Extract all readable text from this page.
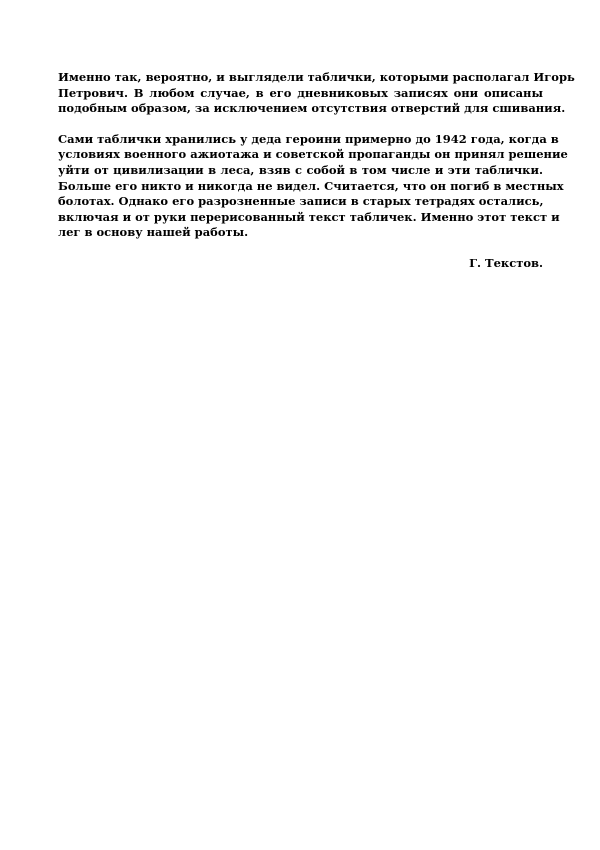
Именно так, вероятно, и выглядели таблички, которыми располагал Игорь
Петрович. В любом случае, в его дневниковых записях они описаны
подобным образом, за исключением отсутствия отверстий для сшивания.

Сами таблички хранились у деда героини примерно до 1942 года, когда в
условиях военного ажиотажа и советской пропаганды он принял решение
уйти от цивилизации в леса, взяв с собой в том числе и эти таблички.
Больше его никто и никогда не видел. Считается, что он погиб в местных
болотах. Однако его разрозненные записи в старых тетрадях остались,
включая и от руки перерисованный текст табличек. Именно этот текст и
лег в основу нашей работы.

Г. Текстов.
